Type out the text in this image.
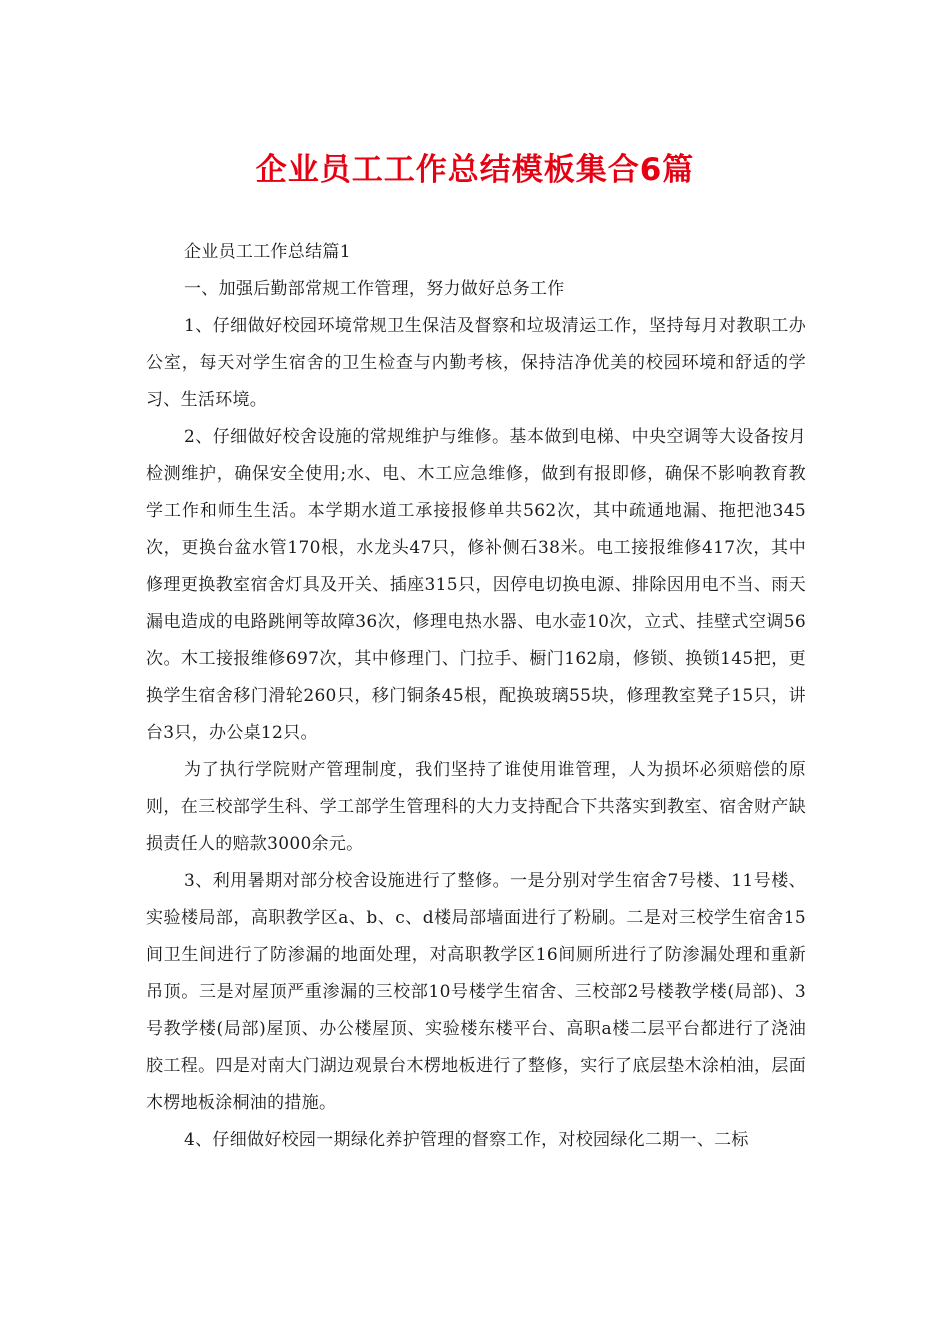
企业员工工作总结模板集合6篇

企业员工工作总结篇1

一、加强后勤部常规工作管理，努力做好总务工作

1、仔细做好校园环境常规卫生保洁及督察和垃圾清运工作，坚持每月对教职工办公室，每天对学生宿舍的卫生检查与内勤考核，保持洁净优美的校园环境和舒适的学习、生活环境。

2、仔细做好校舍设施的常规维护与维修。基本做到电梯、中央空调等大设备按月检测维护，确保安全使用;水、电、木工应急维修，做到有报即修，确保不影响教育教学工作和师生生活。本学期水道工承接报修单共562次，其中疏通地漏、拖把池345次，更换台盆水管170根，水龙头47只，修补侧石38米。电工接报维修417次，其中修理更换教室宿舍灯具及开关、插座315只，因停电切换电源、排除因用电不当、雨天漏电造成的电路跳闸等故障36次，修理电热水器、电水壶10次，立式、挂壁式空调56次。木工接报维修697次，其中修理门、门拉手、橱门162扇，修锁、换锁145把，更换学生宿舍移门滑轮260只，移门铜条45根，配换玻璃55块，修理教室凳子15只，讲台3只，办公桌12只。

为了执行学院财产管理制度，我们坚持了谁使用谁管理，人为损坏必须赔偿的原则，在三校部学生科、学工部学生管理科的大力支持配合下共落实到教室、宿舍财产缺损责任人的赔款3000余元。

3、利用暑期对部分校舍设施进行了整修。一是分别对学生宿舍7号楼、11号楼、实验楼局部，高职教学区a、b、c、d楼局部墙面进行了粉刷。二是对三校学生宿舍15间卫生间进行了防渗漏的地面处理，对高职教学区16间厕所进行了防渗漏处理和重新吊顶。三是对屋顶严重渗漏的三校部10号楼学生宿舍、三校部2号楼教学楼(局部)、3号教学楼(局部)屋顶、办公楼屋顶、实验楼东楼平台、高职a楼二层平台都进行了浇油胶工程。四是对南大门湖边观景台木楞地板进行了整修，实行了底层垫木涂柏油，层面木楞地板涂桐油的措施。

4、仔细做好校园一期绿化养护管理的督察工作，对校园绿化二期一、二标
